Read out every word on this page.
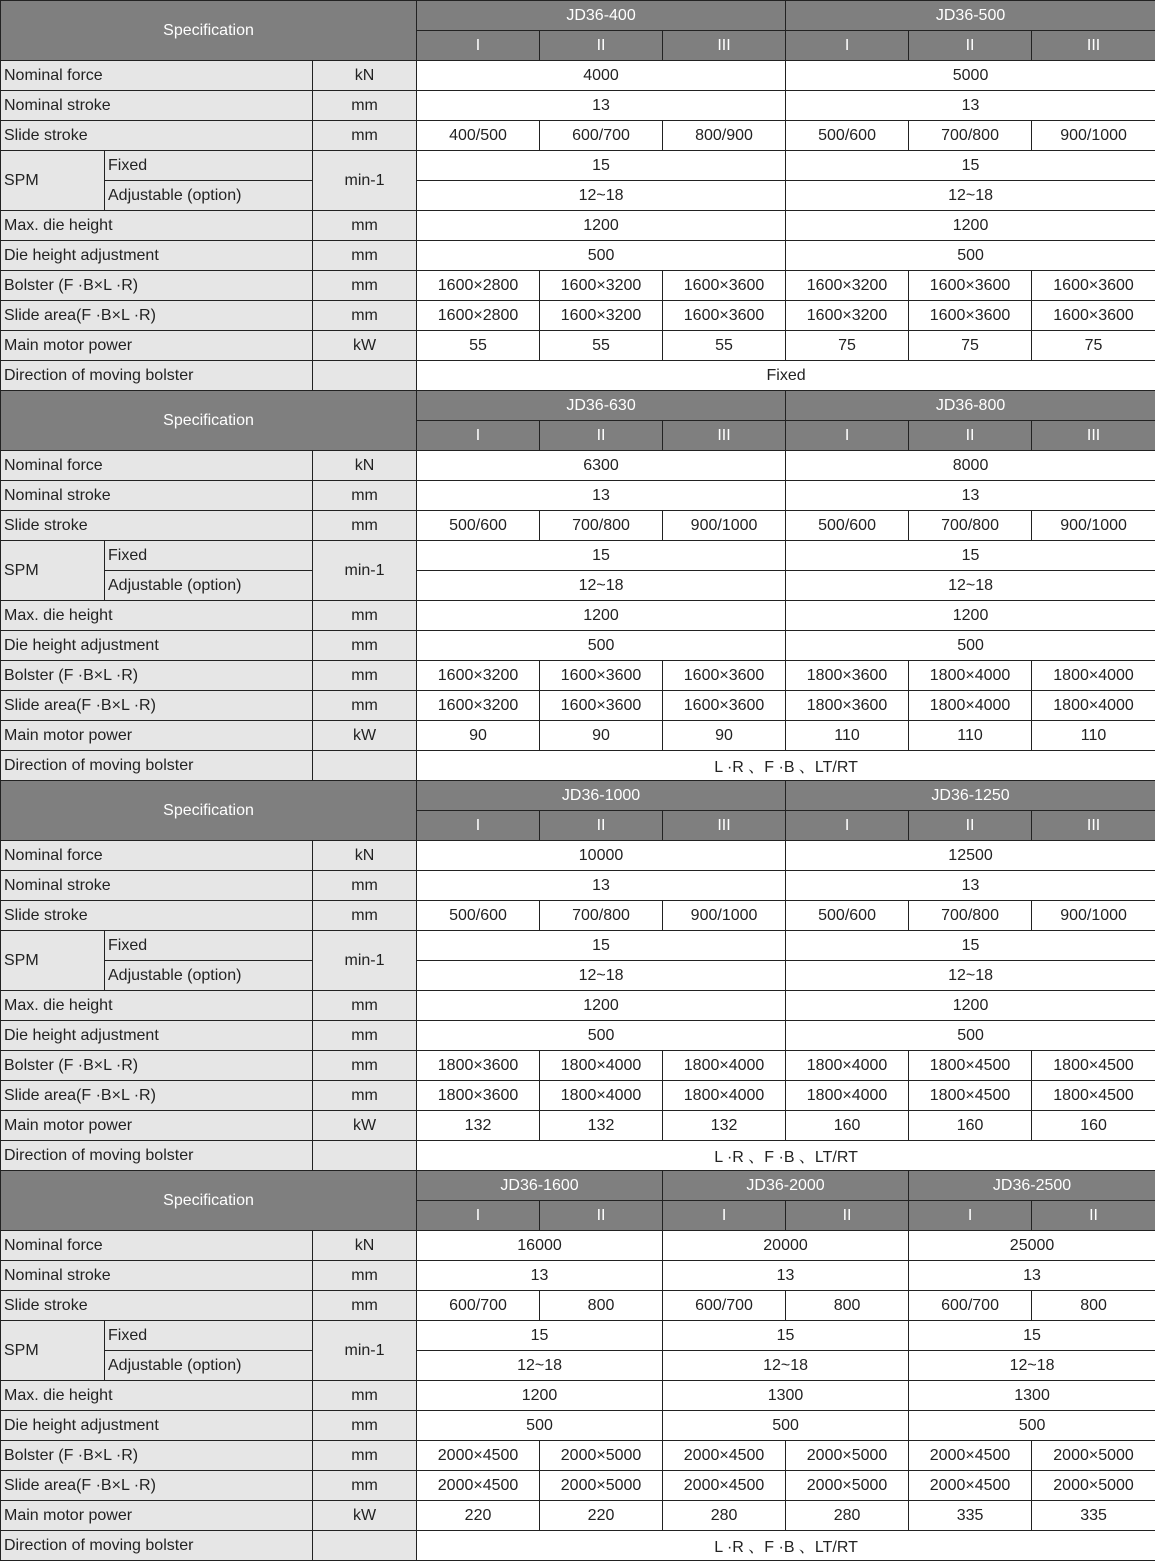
Specification			JD36-400			JD36-500		
			I	II	III	I	II	III
Nominal force		kN	4000			5000		
Nominal stroke		mm	13			13		
Slide stroke		mm	400/500	600/700	800/900	500/600	700/800	900/1000
SPM	Fixed	min-1	15			15		
	Adjustable (option)		12~18			12~18		
Max. die height		mm	1200			1200		
Die height adjustment		mm	500			500		
Bolster (F ·B×L ·R)		mm	1600×2800	1600×3200	1600×3600	1600×3200	1600×3600	1600×3600
Slide area(F ·B×L ·R)		mm	1600×2800	1600×3200	1600×3600	1600×3200	1600×3600	1600×3600
Main motor power		kW	55	55	55	75	75	75
Direction of moving bolster			Fixed					
Specification			JD36-630			JD36-800		
			I	II	III	I	II	III
Nominal force		kN	6300			8000		
Nominal stroke		mm	13			13		
Slide stroke		mm	500/600	700/800	900/1000	500/600	700/800	900/1000
SPM	Fixed	min-1	15			15		
	Adjustable (option)		12~18			12~18		
Max. die height		mm	1200			1200		
Die height adjustment		mm	500			500		
Bolster (F ·B×L ·R)		mm	1600×3200	1600×3600	1600×3600	1800×3600	1800×4000	1800×4000
Slide area(F ·B×L ·R)		mm	1600×3200	1600×3600	1600×3600	1800×3600	1800×4000	1800×4000
Main motor power		kW	90	90	90	110	110	110
Direction of moving bolster			L ·R 、F ·B 、LT/RT					
Specification			JD36-1000			JD36-1250		
			I	II	III	I	II	III
Nominal force		kN	10000			12500		
Nominal stroke		mm	13			13		
Slide stroke		mm	500/600	700/800	900/1000	500/600	700/800	900/1000
SPM	Fixed	min-1	15			15		
	Adjustable (option)		12~18			12~18		
Max. die height		mm	1200			1200		
Die height adjustment		mm	500			500		
Bolster (F ·B×L ·R)		mm	1800×3600	1800×4000	1800×4000	1800×4000	1800×4500	1800×4500
Slide area(F ·B×L ·R)		mm	1800×3600	1800×4000	1800×4000	1800×4000	1800×4500	1800×4500
Main motor power		kW	132	132	132	160	160	160
Direction of moving bolster			L ·R 、F ·B 、LT/RT					
Specification			JD36-1600		JD36-2000		JD36-2500	
			I	II	I	II	I	II
Nominal force		kN	16000		20000		25000	
Nominal stroke		mm	13		13		13	
Slide stroke		mm	600/700	800	600/700	800	600/700	800
SPM	Fixed	min-1	15		15		15	
	Adjustable (option)		12~18		12~18		12~18	
Max. die height		mm	1200		1300		1300	
Die height adjustment		mm	500		500		500	
Bolster (F ·B×L ·R)		mm	2000×4500	2000×5000	2000×4500	2000×5000	2000×4500	2000×5000
Slide area(F ·B×L ·R)		mm	2000×4500	2000×5000	2000×4500	2000×5000	2000×4500	2000×5000
Main motor power		kW	220	220	280	280	335	335
Direction of moving bolster			L ·R 、F ·B 、LT/RT					
